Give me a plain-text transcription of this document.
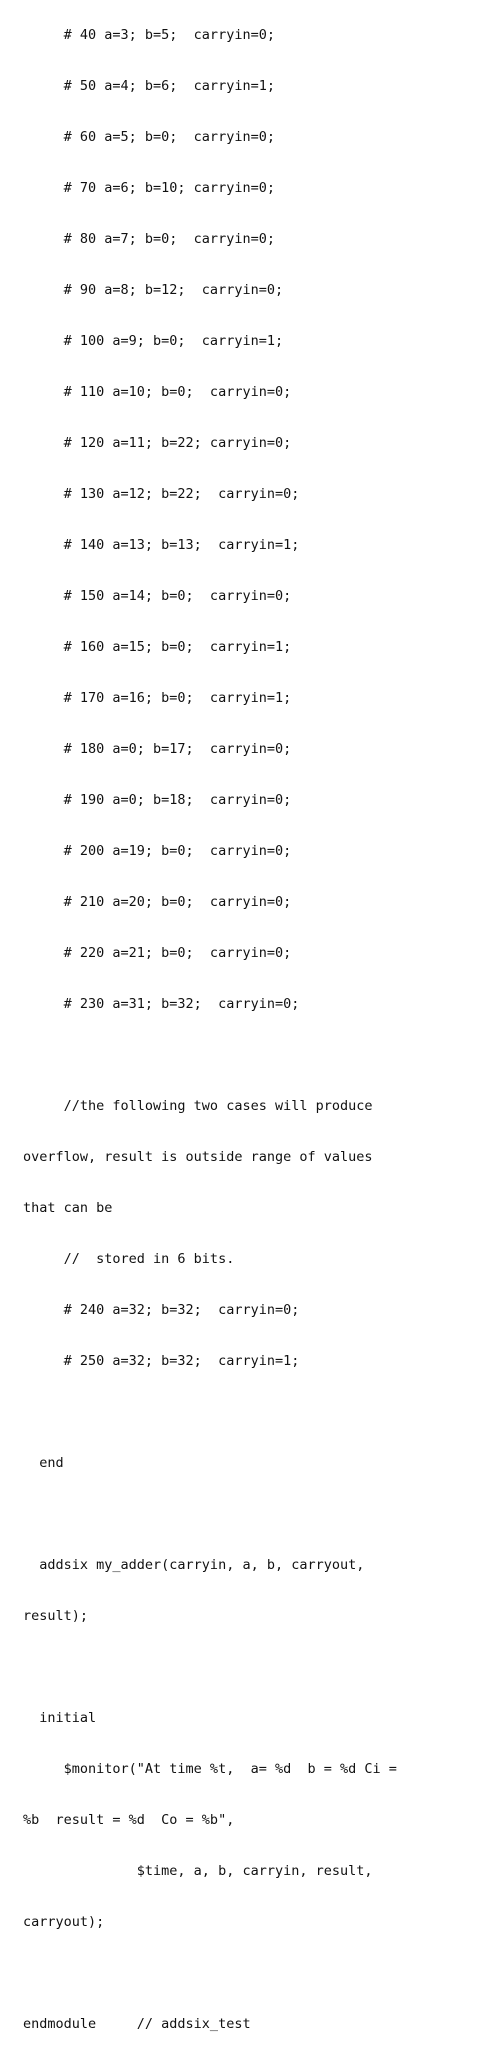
# 40 a=3; b=5;  carryin=0;

# 50 a=4; b=6;  carryin=1;

# 60 a=5; b=0;  carryin=0;

# 70 a=6; b=10; carryin=0;

# 80 a=7; b=0;  carryin=0;

# 90 a=8; b=12;  carryin=0;

# 100 a=9; b=0;  carryin=1;

# 110 a=10; b=0;  carryin=0;

# 120 a=11; b=22; carryin=0;

# 130 a=12; b=22;  carryin=0;

# 140 a=13; b=13;  carryin=1;

# 150 a=14; b=0;  carryin=0;

# 160 a=15; b=0;  carryin=1;

# 170 a=16; b=0;  carryin=1;

# 180 a=0; b=17;  carryin=0;

# 190 a=0; b=18;  carryin=0;

# 200 a=19; b=0;  carryin=0;

# 210 a=20; b=0;  carryin=0;

# 220 a=21; b=0;  carryin=0;

# 230 a=31; b=32;  carryin=0;

//the following two cases will produce

overflow, result is outside range of values

that can be

//  stored in 6 bits.

# 240 a=32; b=32;  carryin=0;

# 250 a=32; b=32;  carryin=1;

end

addsix my_adder(carryin, a, b, carryout,

result);

initial

$monitor("At time %t,  a= %d  b = %d Ci =

%b  result = %d  Co = %b",

$time, a, b, carryin, result,

carryout);

endmodule     // addsix_test
